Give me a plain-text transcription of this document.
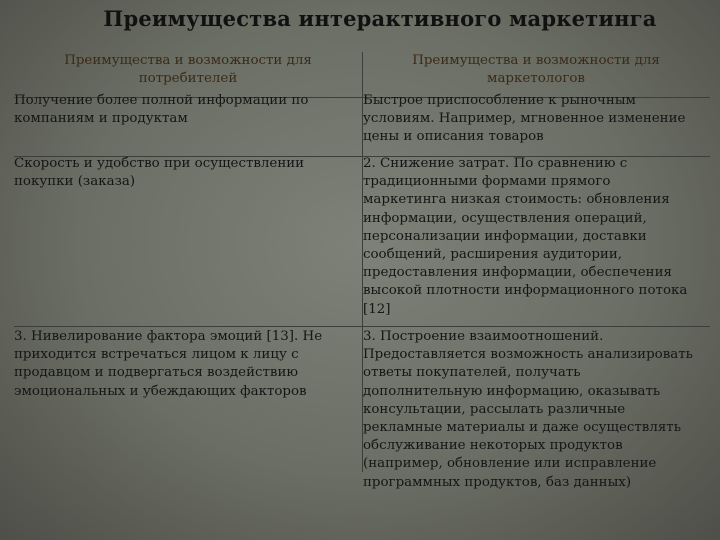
Преимущества интерактивного маркетинга
Преимущества и возможности для
потребителей
Преимущества и возможности для
маркетологов
Получение более полной информации по
компаниям и продуктам
Быстрое приспособление к рыночным
условиям. Например, мгновенное изменение
цены и описания товаров
Скорость и удобство при осуществлении
покупки (заказа)
2. Снижение затрат. По сравнению с
традиционными формами прямого
маркетинга низкая стоимость: обновления
информации, осуществления операций,
персонализации информации, доставки
сообщений, расширения аудитории,
предоставления информации, обеспечения
высокой плотности информационного потока
[12]
3. Нивелирование фактора эмоций [13]. Не
приходится встречаться лицом к лицу с
продавцом и подвергаться воздействию
эмоциональных и убеждающих факторов
3. Построение взаимоотношений.
Предоставляется возможность анализировать
ответы покупателей, получать
дополнительную информацию, оказывать
консультации, рассылать различные
рекламные материалы и даже осуществлять
обслуживание некоторых продуктов
(например, обновление или исправление
программных продуктов, баз данных)
